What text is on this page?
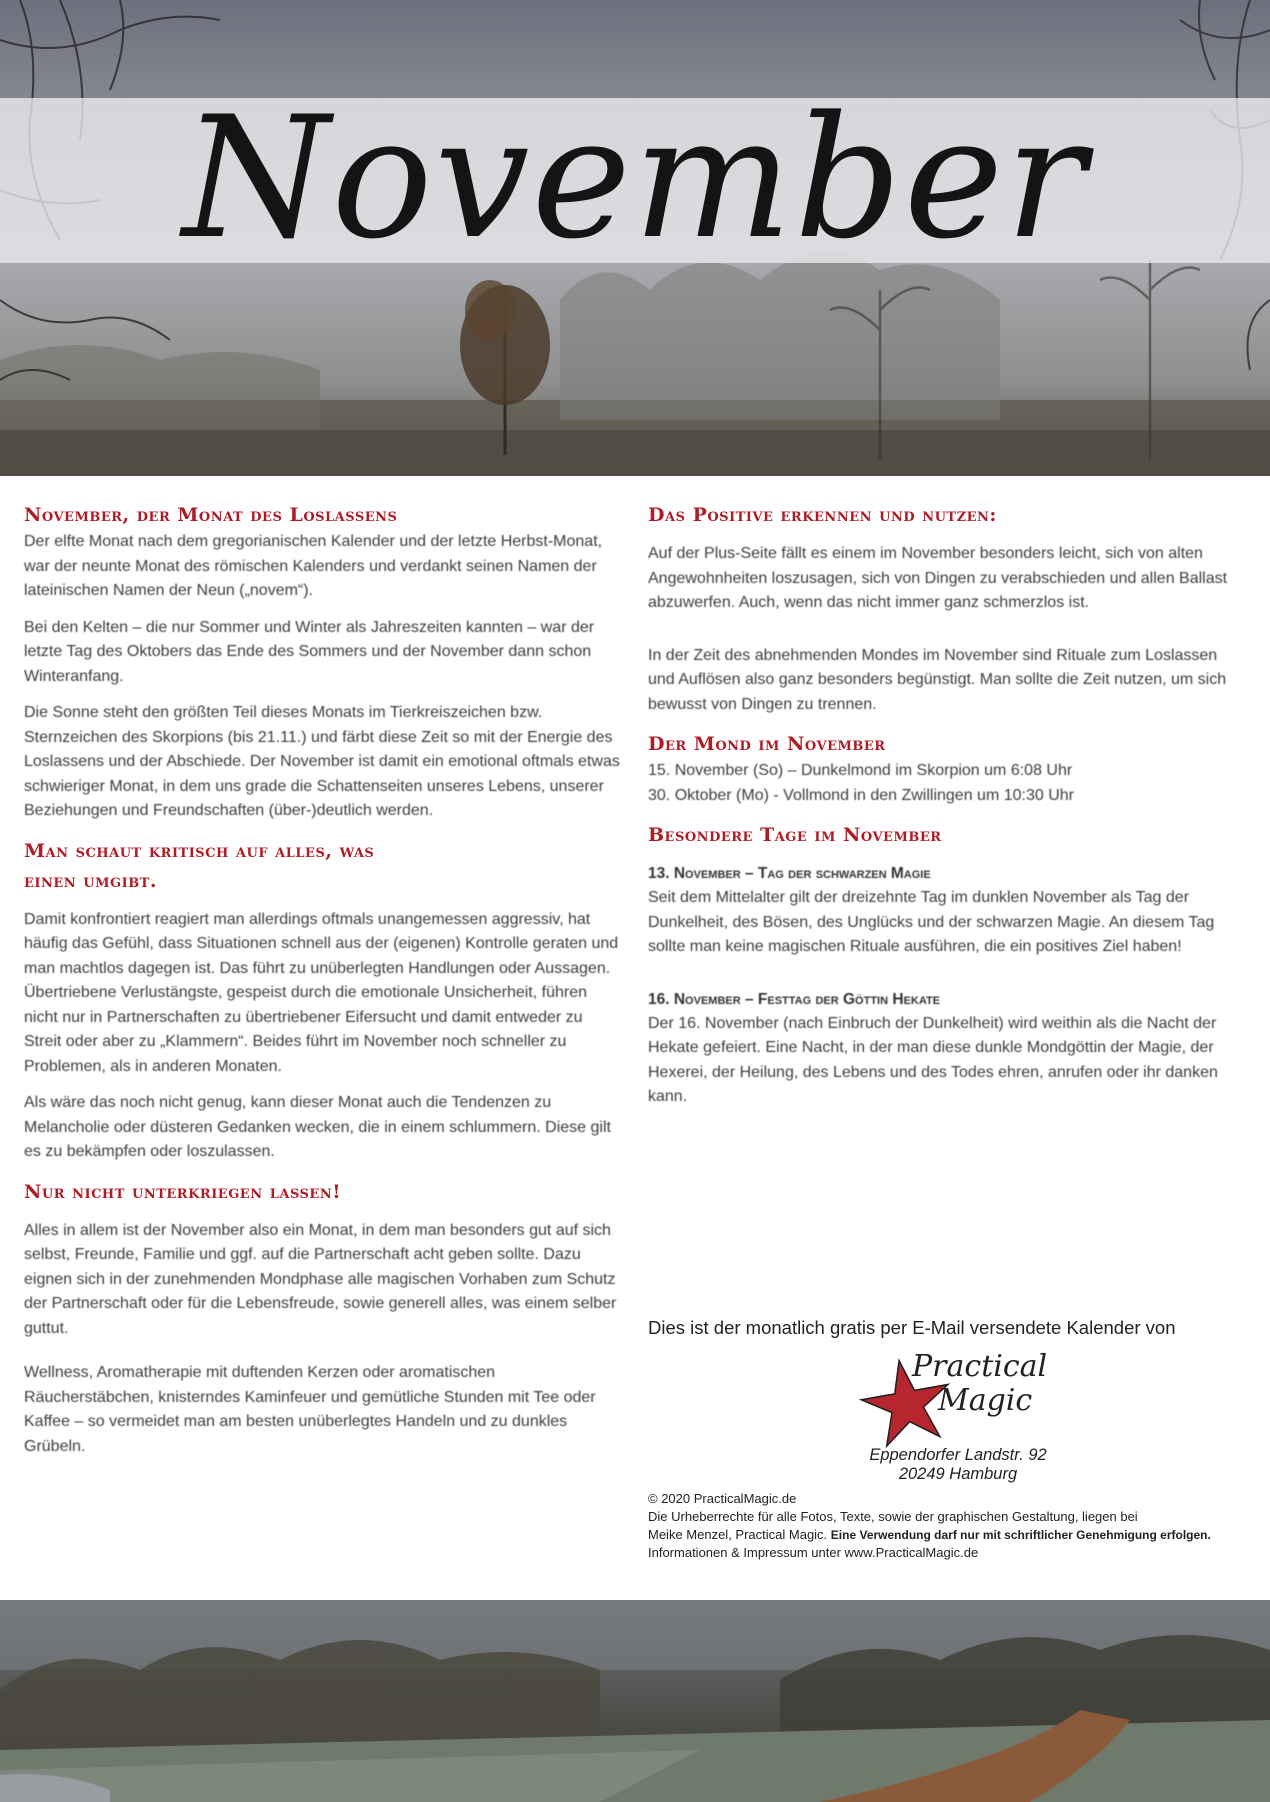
November
November, der Monat des Loslassens

Der elfte Monat nach dem gregorianischen Kalender und der letzte Herbst-Monat, war der neunte Monat des römischen Kalenders und verdankt seinen Namen der lateinischen Namen der Neun („novem“).

Bei den Kelten – die nur Sommer und Winter als Jahreszeiten kannten – war der letzte Tag des Oktobers das Ende des Sommers und der November dann schon Winteranfang.

Die Sonne steht den größten Teil dieses Monats im Tierkreiszeichen bzw. Sternzeichen des Skorpions (bis 21.11.) und färbt diese Zeit so mit der Energie des Loslassens und der Abschiede. Der November ist damit ein emotional oftmals etwas schwieriger Monat, in dem uns grade die Schattenseiten unseres Lebens, unserer Beziehungen und Freundschaften (über-)deutlich werden.

Man schaut kritisch auf alles, was
einen umgibt.

Damit konfrontiert reagiert man allerdings oftmals unangemessen aggressiv, hat häufig das Gefühl, dass Situationen schnell aus der (eigenen) Kontrolle geraten und man machtlos dagegen ist. Das führt zu unüberlegten Handlungen oder Aussagen. Übertriebene Verlustängste, gespeist durch die emotionale Unsicherheit, führen nicht nur in Partnerschaften zu übertriebener Eifersucht und damit entweder zu Streit oder aber zu „Klammern“. Beides führt im November noch schneller zu Problemen, als in anderen Monaten.

Als wäre das noch nicht genug, kann dieser Monat auch die Tendenzen zu Melancholie oder düsteren Gedanken wecken, die in einem schlummern. Diese gilt es zu bekämpfen oder loszulassen.

Nur nicht unterkriegen lassen!

Alles in allem ist der November also ein Monat, in dem man besonders gut auf sich selbst, Freunde, Familie und ggf. auf die Partnerschaft acht geben sollte. Dazu eignen sich in der zunehmenden Mondphase alle magischen Vorhaben zum Schutz der Partnerschaft oder für die Lebensfreude, sowie generell alles, was einem selber guttut.

Wellness, Aromatherapie mit duftenden Kerzen oder aromatischen Räucherstäbchen, knisterndes Kaminfeuer und gemütliche Stunden mit Tee oder Kaffee – so vermeidet man am besten unüberlegtes Handeln und zu dunkles Grübeln.

Das Positive erkennen und nutzen:

Auf der Plus-Seite fällt es einem im November besonders leicht, sich von alten Angewohnheiten loszusagen, sich von Dingen zu verabschieden und allen Ballast abzuwerfen. Auch, wenn das nicht immer ganz schmerzlos ist.

In der Zeit des abnehmenden Mondes im November sind Rituale zum Loslassen und Auflösen also ganz besonders begünstigt. Man sollte die Zeit nutzen, um sich bewusst von Dingen zu trennen.

Der Mond im November

15. November (So) – Dunkelmond im Skorpion um 6:08 Uhr

30. Oktober (Mo) - Vollmond in den Zwillingen um 10:30 Uhr

Besondere Tage im November

13. November – Tag der schwarzen Magie

Seit dem Mittelalter gilt der dreizehnte Tag im dunklen November als Tag der Dunkelheit, des Bösen, des Unglücks und der schwarzen Magie. An diesem Tag sollte man keine magischen Rituale ausführen, die ein positives Ziel haben!

16. November – Festtag der Göttin Hekate

Der 16. November (nach Einbruch der Dunkelheit) wird weithin als die Nacht der Hekate gefeiert. Eine Nacht, in der man diese dunkle Mondgöttin der Magie, der Hexerei, der Heilung, des Lebens und des Todes ehren, anrufen oder ihr danken kann.

Dies ist der monatlich gratis per E-Mail versendete Kalender von
Practical
Magic
Eppendorfer Landstr. 92
20249 Hamburg
© 2020 PracticalMagic.de
Die Urheberrechte für alle Fotos, Texte, sowie der graphischen Gestaltung, liegen bei
Meike Menzel, Practical Magic. Eine Verwendung darf nur mit schriftlicher Genehmigung erfolgen.
Informationen & Impressum unter www.PracticalMagic.de
